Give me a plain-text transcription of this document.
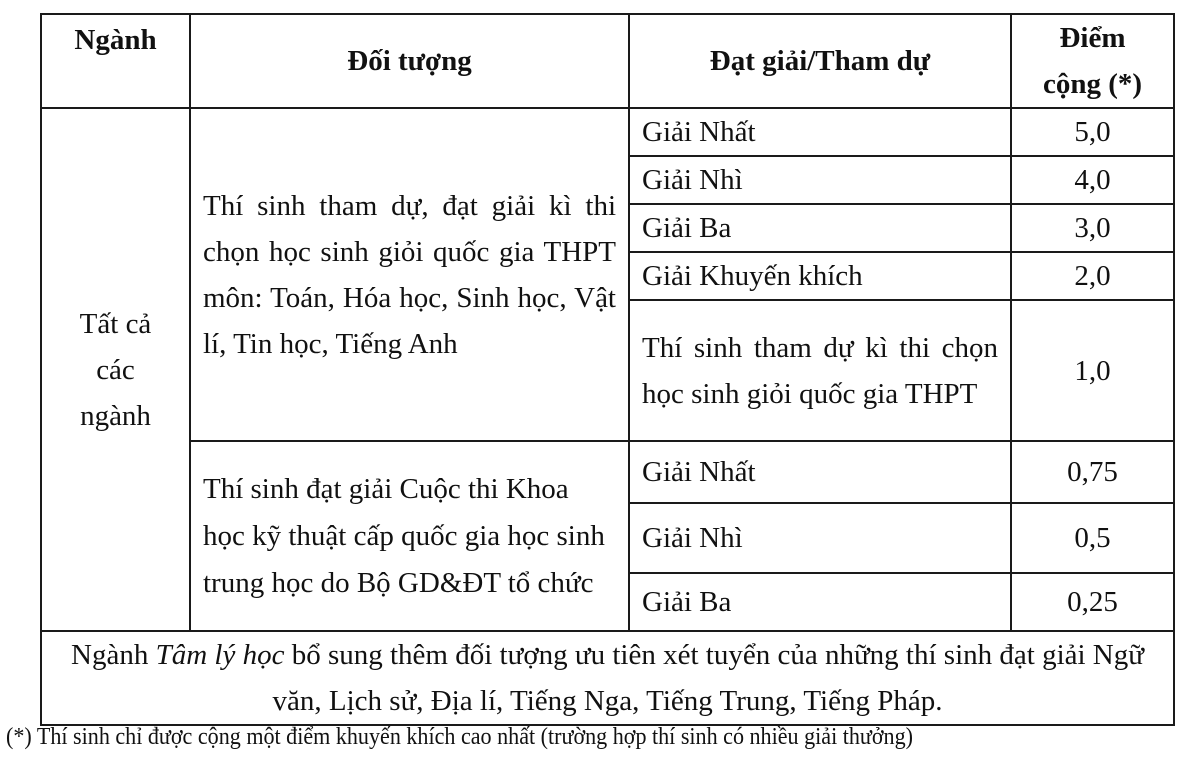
Ngành	Đối tượng	Đạt giải/Tham dự	Điểm
cộng (*)

Tất cả
các
ngành	Thí sinh tham dự, đạt giải kì thi chọn học sinh giỏi quốc gia THPT môn: Toán, Hóa học, Sinh học, Vật lí, Tin học, Tiếng Anh	Giải Nhất	5,0
		Giải Nhì	4,0
		Giải Ba	3,0
		Giải Khuyến khích	2,0
		Thí sinh tham dự kì thi chọn học sinh giỏi quốc gia THPT	1,0
	Thí sinh đạt giải Cuộc thi Khoa học kỹ thuật cấp quốc gia học sinh trung học do Bộ GD&ĐT tổ chức	Giải Nhất	0,75
		Giải Nhì	0,5
		Giải Ba	0,25
Ngành Tâm lý học bổ sung thêm đối tượng ưu tiên xét tuyển của những thí sinh đạt giải Ngữ văn, Lịch sử, Địa lí, Tiếng Nga, Tiếng Trung, Tiếng Pháp.			
(*) Thí sinh chỉ được cộng một điểm khuyến khích cao nhất (trường hợp thí sinh có nhiều giải thưởng)
